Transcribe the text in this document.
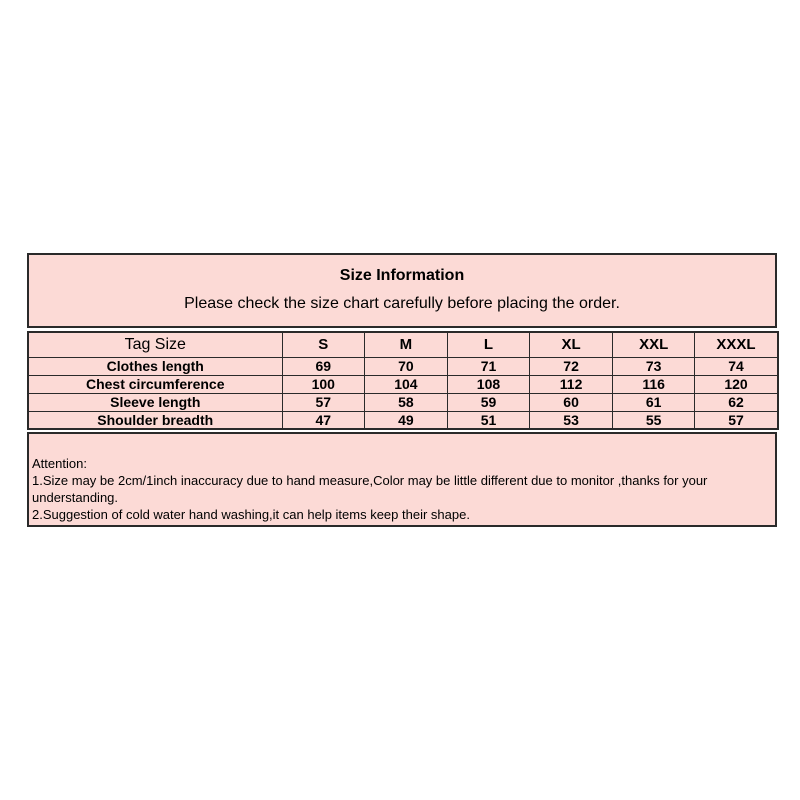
Size Information
Please check the size chart carefully before placing the order.
Tag Size	S	M	L	XL	XXL	XXXL
Clothes length	69	70	71	72	73	74
Chest circumference	100	104	108	112	116	120
Sleeve length	57	58	59	60	61	62
Shoulder breadth	47	49	51	53	55	57
Attention:
1.Size may be 2cm/1inch inaccuracy due to hand measure,Color may be little different due to monitor ,thanks for your
understanding.
2.Suggestion of cold water hand washing,it can help items keep their shape.
